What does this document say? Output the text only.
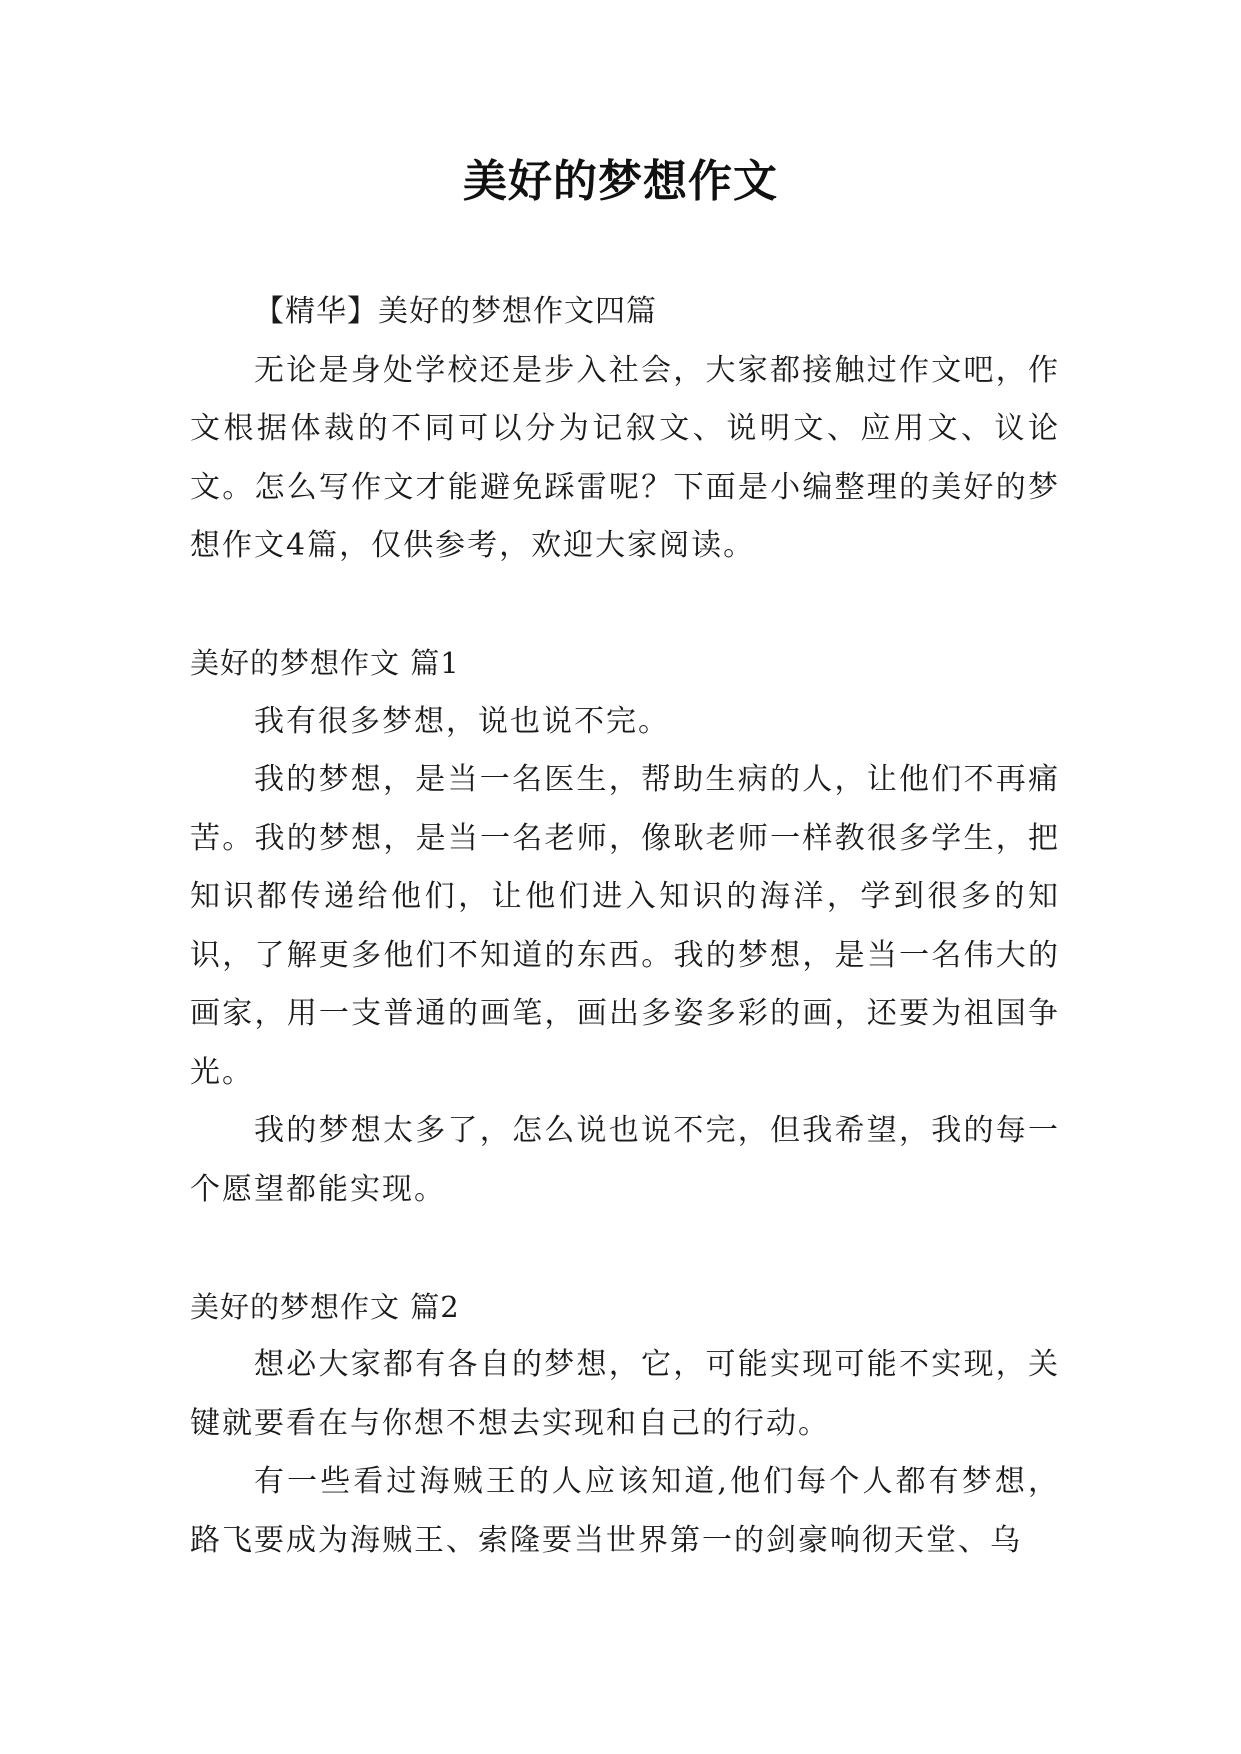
美好的梦想作文

【精华】美好的梦想作文四篇

无论是身处学校还是步入社会，大家都接触过作文吧，作文根据体裁的不同可以分为记叙文、说明文、应用文、议论文。怎么写作文才能避免踩雷呢？下面是小编整理的美好的梦想作文4篇，仅供参考，欢迎大家阅读。

美好的梦想作文 篇1

我有很多梦想，说也说不完。

我的梦想，是当一名医生，帮助生病的人，让他们不再痛苦。我的梦想，是当一名老师，像耿老师一样教很多学生，把知识都传递给他们，让他们进入知识的海洋，学到很多的知识，了解更多他们不知道的东西。我的梦想，是当一名伟大的画家，用一支普通的画笔，画出多姿多彩的画，还要为祖国争光。

我的梦想太多了，怎么说也说不完，但我希望，我的每一个愿望都能实现。

美好的梦想作文 篇2

想必大家都有各自的梦想，它，可能实现可能不实现，关键就要看在与你想不想去实现和自己的行动。

有一些看过海贼王的人应该知道,他们每个人都有梦想，路飞要成为海贼王、索隆要当世界第一的剑豪响彻天堂、乌
